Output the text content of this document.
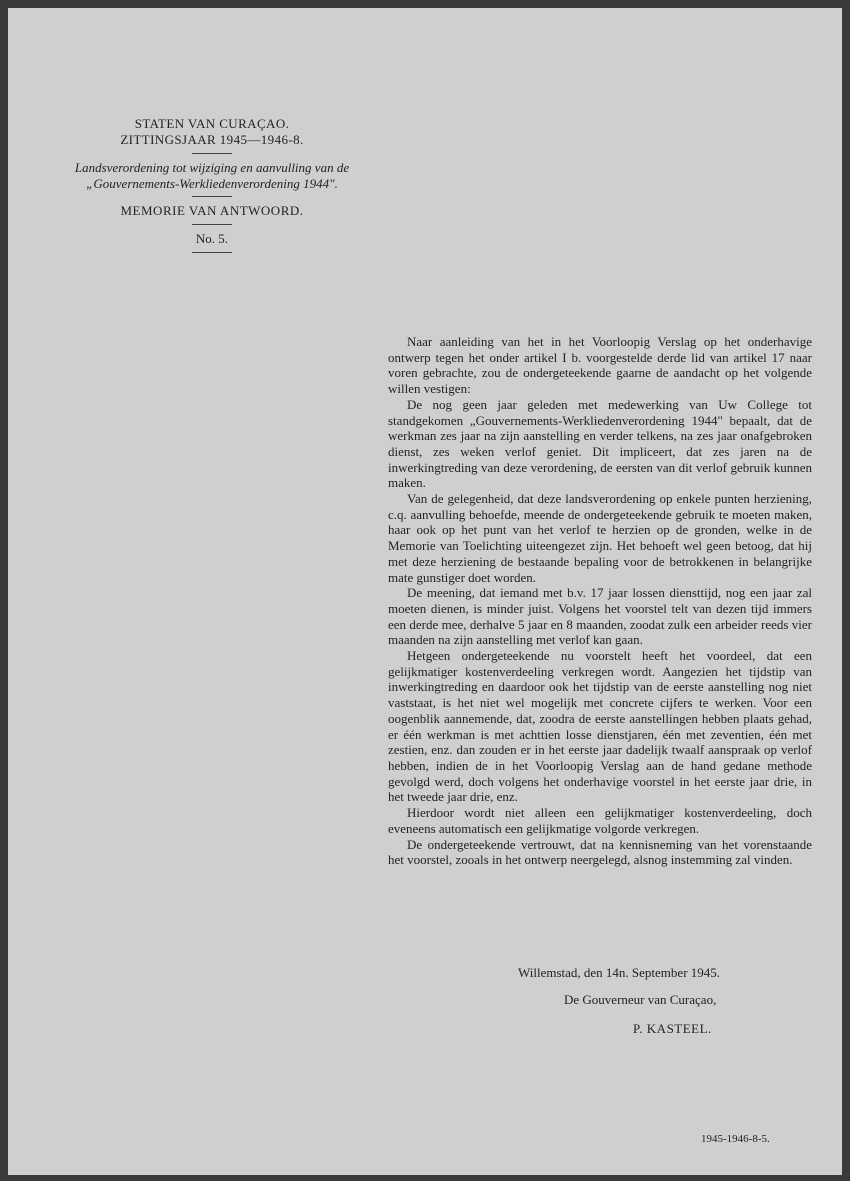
STATEN VAN CURAÇAO.
ZITTINGSJAAR 1945—1946-8.
Landsverordening tot wijziging en aanvulling van de „Gouvernements-Werkliedenverordening 1944".
MEMORIE VAN ANTWOORD.
No. 5.

Naar aanleiding van het in het Voorloopig Verslag op het onderhavige ontwerp tegen het onder artikel I b. voorgestelde derde lid van artikel 17 naar voren gebrachte, zou de ondergeteekende gaarne de aandacht op het volgende willen vestigen:

De nog geen jaar geleden met medewerking van Uw College tot standgekomen „Gouvernements-Werkliedenverordening 1944" bepaalt, dat de werkman zes jaar na zijn aanstelling en verder telkens, na zes jaar onafgebroken dienst, zes weken verlof geniet. Dit impliceert, dat zes jaren na de inwerkingtreding van deze verordening, de eersten van dit verlof gebruik kunnen maken.

Van de gelegenheid, dat deze landsverordening op enkele punten herziening, c.q. aanvulling behoefde, meende de ondergeteekende gebruik te moeten maken, haar ook op het punt van het verlof te herzien op de gronden, welke in de Memorie van Toelichting uiteengezet zijn. Het behoeft wel geen betoog, dat hij met deze herziening de bestaande bepaling voor de betrokkenen in belangrijke mate gunstiger doet worden.

De meening, dat iemand met b.v. 17 jaar lossen diensttijd, nog een jaar zal moeten dienen, is minder juist. Volgens het voorstel telt van dezen tijd immers een derde mee, derhalve 5 jaar en 8 maanden, zoodat zulk een arbeider reeds vier maanden na zijn aanstelling met verlof kan gaan.

Hetgeen ondergeteekende nu voorstelt heeft het voordeel, dat een gelijkmatiger kostenverdeeling verkregen wordt. Aangezien het tijdstip van inwerkingtreding en daardoor ook het tijdstip van de eerste aanstelling nog niet vaststaat, is het niet wel mogelijk met concrete cijfers te werken. Voor een oogenblik aannemende, dat, zoodra de eerste aanstellingen hebben plaats gehad, er één werkman is met achttien losse dienstjaren, één met zeventien, één met zestien, enz. dan zouden er in het eerste jaar dadelijk twaalf aanspraak op verlof hebben, indien de in het Voorloopig Verslag aan de hand gedane methode gevolgd werd, doch volgens het onderhavige voorstel in het eerste jaar drie, in het tweede jaar drie, enz.

Hierdoor wordt niet alleen een gelijkmatiger kostenverdeeling, doch eveneens automatisch een gelijkmatige volgorde verkregen.

De ondergeteekende vertrouwt, dat na kennisneming van het vorenstaande het voorstel, zooals in het ontwerp neergelegd, alsnog instemming zal vinden.

Willemstad, den 14n. September 1945.
De Gouverneur van Curaçao,
P. KASTEEL.
1945-1946-8-5.
